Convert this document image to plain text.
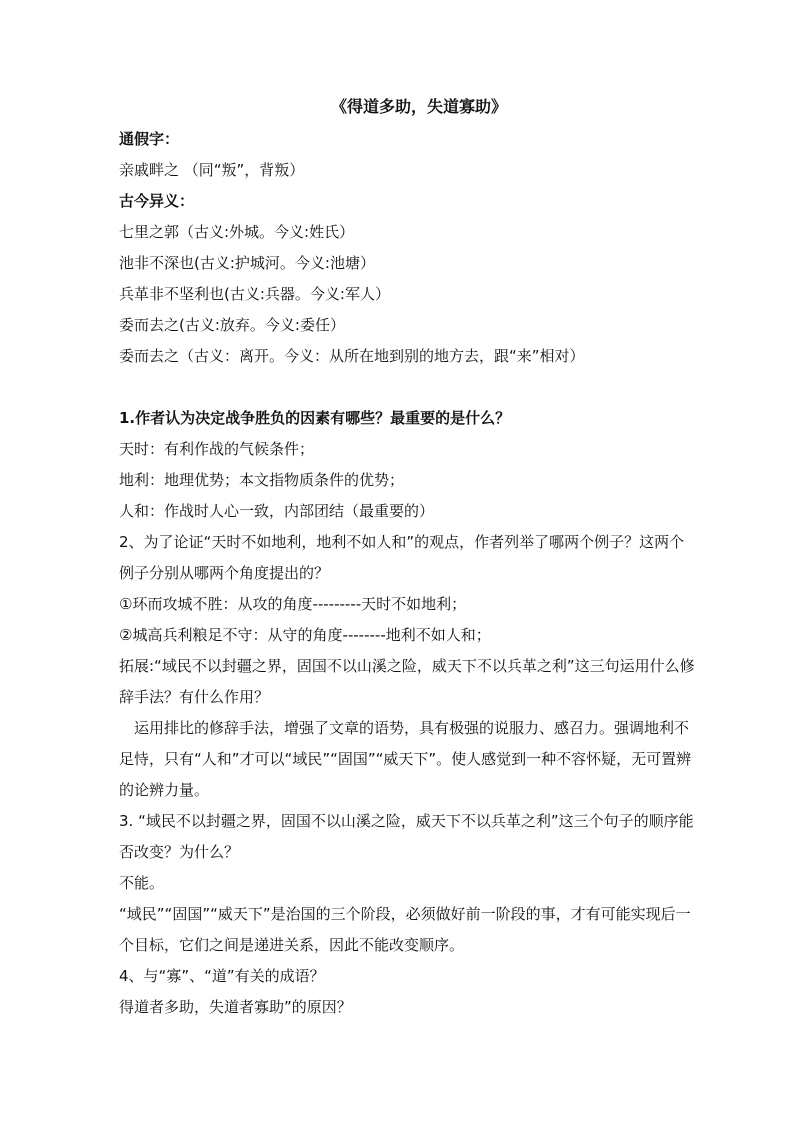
《得道多助，失道寡助》

通假字：

亲戚畔之 （同“叛”，背叛）

古今异义：

七里之郭（古义:外城。今义:姓氏）

池非不深也(古义:护城河。今义:池塘）

兵革非不坚利也(古义:兵器。今义:军人）

委而去之(古义:放弃。今义:委任）

委而去之（古义：离开。今义：从所在地到别的地方去，跟“来”相对）

1.作者认为决定战争胜负的因素有哪些？最重要的是什么？

天时：有利作战的气候条件；

地利：地理优势；本文指物质条件的优势；

人和：作战时人心一致，内部团结（最重要的）

2、为了论证“天时不如地利，地利不如人和”的观点，作者列举了哪两个例子？这两个例子分别从哪两个角度提出的？

①环而攻城不胜：从攻的角度---------天时不如地利；

②城高兵利粮足不守：从守的角度--------地利不如人和；

拓展:“域民不以封疆之界，固国不以山溪之险，威天下不以兵革之利”这三句运用什么修辞手法？有什么作用？

运用排比的修辞手法，增强了文章的语势，具有极强的说服力、感召力。强调地利不足恃，只有“人和”才可以“域民”“固国”“威天下”。使人感觉到一种不容怀疑，无可置辨的论辨力量。

3. “域民不以封疆之界，固国不以山溪之险，威天下不以兵革之利”这三个句子的顺序能否改变？为什么？

不能。

“域民”“固国”“威天下”是治国的三个阶段，必须做好前一阶段的事，才有可能实现后一个目标，它们之间是递进关系，因此不能改变顺序。

4、与“寡”、“道”有关的成语？

得道者多助，失道者寡助”的原因？
